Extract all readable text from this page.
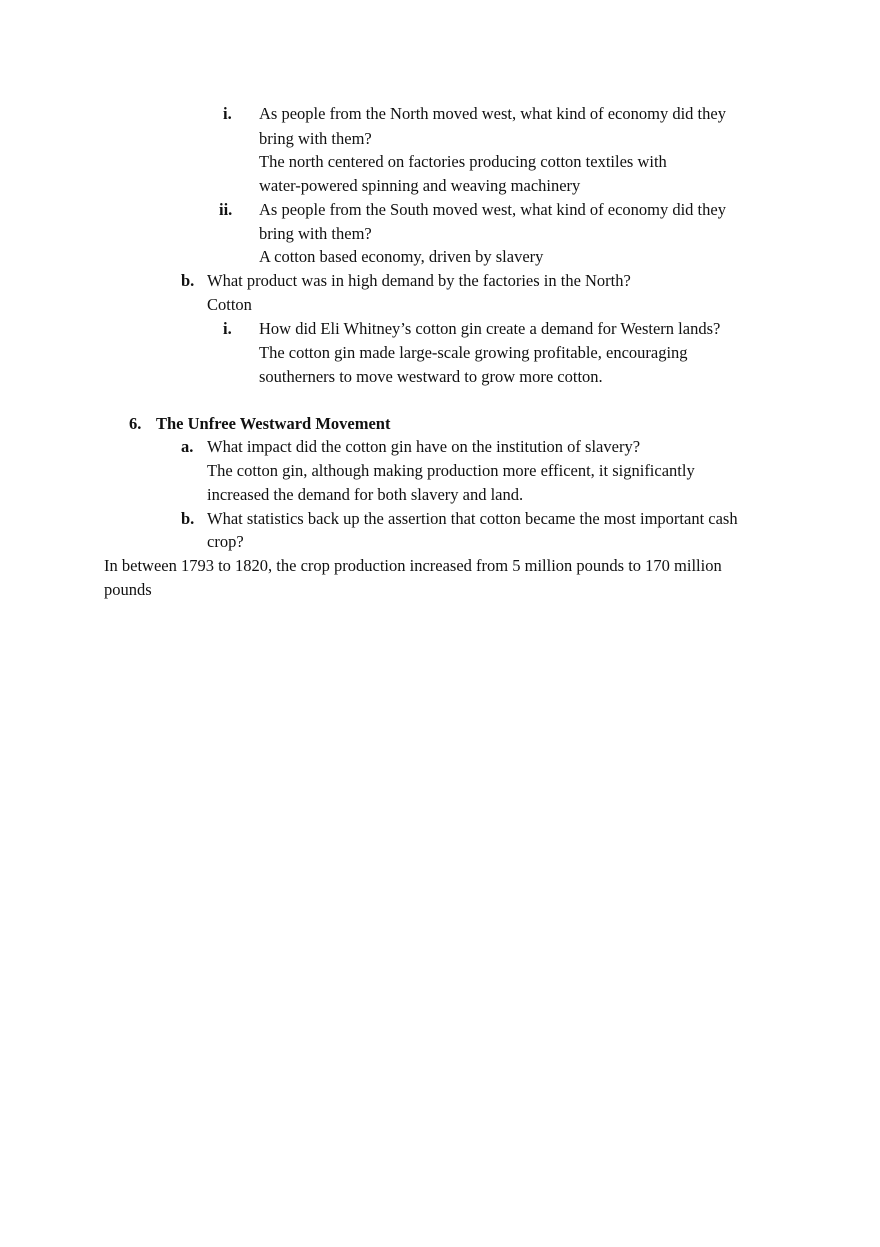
i. As people from the North moved west, what kind of economy did they
bring with them?
The north centered on factories producing cotton textiles with
water-powered spinning and weaving machinery
ii. As people from the South moved west, what kind of economy did they
bring with them?
A cotton based economy, driven by slavery
b. What product was in high demand by the factories in the North?
Cotton
i. How did Eli Whitney’s cotton gin create a demand for Western lands?
The cotton gin made large-scale growing profitable, encouraging
southerners to move westward to grow more cotton.
6. The Unfree Westward Movement
a. What impact did the cotton gin have on the institution of slavery?
The cotton gin, although making production more efficent, it significantly
increased the demand for both slavery and land.
b. What statistics back up the assertion that cotton became the most important cash
crop?
In between 1793 to 1820, the crop production increased from 5 million pounds to 170 million
pounds
